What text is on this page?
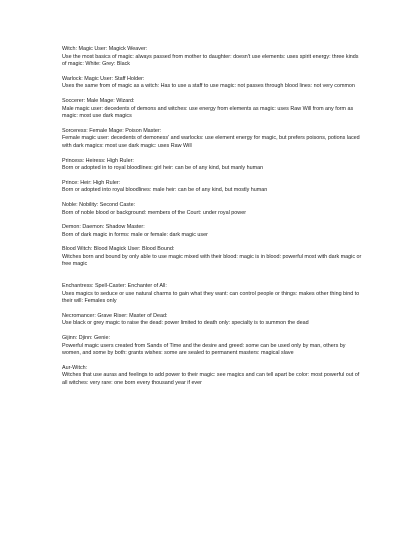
Witch: Magic User: Magick Weaver:
Use the most basics of magic: always passed from mother to daughter: doesn't use elements: uses spirit energy: three kinds of magic: White: Grey: Black
Warlock: Magic User: Staff Holder:
Uses the same from of magic as a witch: Has to use a staff to use magic: not passes through blood lines: not very common
Soccerer: Male Mage: Wizard:
Male magic user: decedents of demons and witches: use energy from elements as magic: uses Raw Will from any form as magic: most use dark magics
Sorceress: Female Mage: Poison Master:
Female magic user: decedents of demoness' and warlocks: use element energy for magic, but prefers poisons, potions laced with dark magics: most use dark magic: uses Raw Will
Princess: Heiress: High Ruler:
Born or adopted in to royal bloodlines: girl heir: can be of any kind, but manly human
Prince: Heir: High Ruler:
Born or adopted into royal bloodlines: male heir: can be of any kind, but mostly human
Noble: Nobility: Second Caste:
Born of noble blood or background: members of the Court: under royal power
Demon: Daemon: Shadow Master:
Born of dark magic in forms: male or female: dark magic user
Blood Witch: Blood Magick User: Blood Bound:
Witches born and bound by only able to use magic mixed with their blood: magic is in blood: powerful most with dark magic or free magic
Enchantress: Spell-Caster: Enchanter of All:
Uses magics to seduce or use natural charms to gain what they want: can control people or things: makes other thing bind to their will: Females only
Necromancer: Grave Riser: Master of Dead:
Use black or grey magic to raise the dead: power limited to death only: specialty is to summon the dead
Gijinn: Djinn: Genie:
Powerful magic users created from Sands of Time and the desire and greed: some can be used only by man, others by women, and some by both: grants wishes: some are sealed to permanent masters: magical slave
Aur-Witch:
Witches that use auras and feelings to add power to their magic: see magics and can tell apart be color: most powerful out of all witches: very rare: one born every thousand year if ever
